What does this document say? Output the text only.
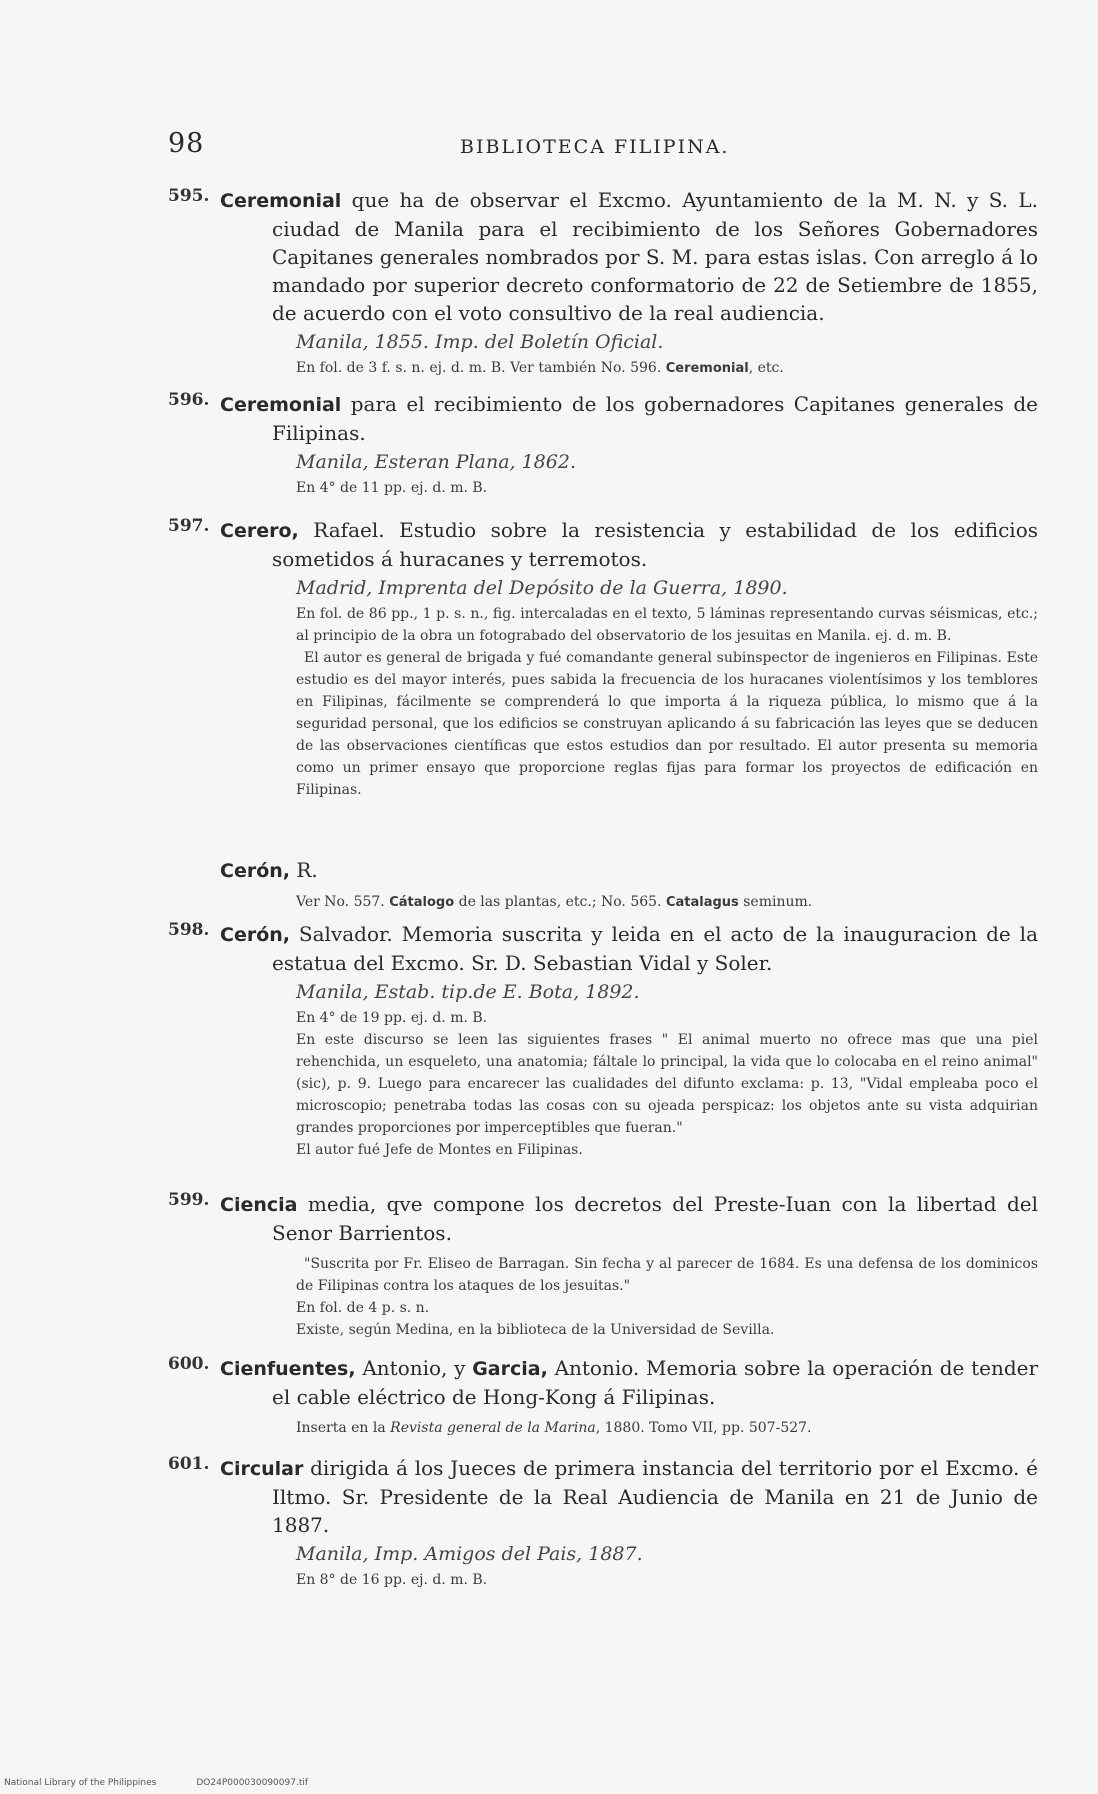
98	BIBLIOTECA FILIPINA.
595. Ceremonial que ha de observar el Excmo. Ayuntamiento de la M. N. y S. L. ciudad de Manila para el recibimiento de los Señores Gobernadores Capitanes generales nombrados por S. M. para estas islas. Con arreglo á lo mandado por superior decreto conformatorio de 22 de Setiembre de 1855, de acuerdo con el voto consultivo de la real audiencia.
Manila, 1855. Imp. del Boletín Oficial.
En fol. de 3 f. s. n. ej. d. m. B. Ver también No. 596. Ceremonial, etc.
596. Ceremonial para el recibimiento de los gobernadores Capitanes generales de Filipinas.
Manila, Esteran Plana, 1862.
En 4° de 11 pp. ej. d. m. B.
597. Cerero, Rafael. Estudio sobre la resistencia y estabilidad de los edificios sometidos á huracanes y terremotos.
Madrid, Imprenta del Depósito de la Guerra, 1890.
En fol. de 86 pp., 1 p. s. n., fig. intercaladas en el texto, 5 láminas representando curvas séismicas, etc.; al principio de la obra un fotograbado del observatorio de los jesuitas en Manila. ej. d. m. B.
El autor es general de brigada y fué comandante general subinspector de ingenieros en Filipinas. Este estudio es del mayor interés, pues sabida la frecuencia de los huracanes violentísimos y los temblores en Filipinas, fácilmente se comprenderá lo que importa á la riqueza pública, lo mismo que á la seguridad personal, que los edificios se construyan aplicando á su fabricación las leyes que se deducen de las observaciones científicas que estos estudios dan por resultado. El autor presenta su memoria como un primer ensayo que proporcione reglas fijas para formar los proyectos de edificación en Filipinas.
Cerón, R.
Ver No. 557. Cátalogo de las plantas, etc.; No. 565. Catalagus seminum.
598. Cerón, Salvador. Memoria suscrita y leida en el acto de la inauguracion de la estatua del Excmo. Sr. D. Sebastian Vidal y Soler.
Manila, Estab. tip.de E. Bota, 1892.
En 4° de 19 pp. ej. d. m. B.
En este discurso se leen las siguientes frases " El animal muerto no ofrece mas que una piel rehenchida, un esqueleto, una anatomia; fáltale lo principal, la vida que lo colocaba en el reino animal" (sic), p. 9. Luego para encarecer las cualidades del difunto exclama: p. 13, "Vidal empleaba poco el microscopio; penetraba todas las cosas con su ojeada perspicaz: los objetos ante su vista adquirian grandes proporciones por imperceptibles que fueran."
El autor fué Jefe de Montes en Filipinas.
599. Ciencia media, qve compone los decretos del Preste-Iuan con la libertad del Senor Barrientos.
"Suscrita por Fr. Eliseo de Barragan. Sin fecha y al parecer de 1684. Es una defensa de los dominicos de Filipinas contra los ataques de los jesuitas."
En fol. de 4 p. s. n.
Existe, según Medina, en la biblioteca de la Universidad de Sevilla.
600. Cienfuentes, Antonio, y Garcia, Antonio. Memoria sobre la operación de tender el cable eléctrico de Hong-Kong á Filipinas.
Inserta en la Revista general de la Marina, 1880. Tomo VII, pp. 507-527.
601. Circular dirigida á los Jueces de primera instancia del territorio por el Excmo. é Iltmo. Sr. Presidente de la Real Audiencia de Manila en 21 de Junio de 1887.
Manila, Imp. Amigos del Pais, 1887.
En 8° de 16 pp. ej. d. m. B.
National Library of the Philippines	DO24P000030090097.tif
